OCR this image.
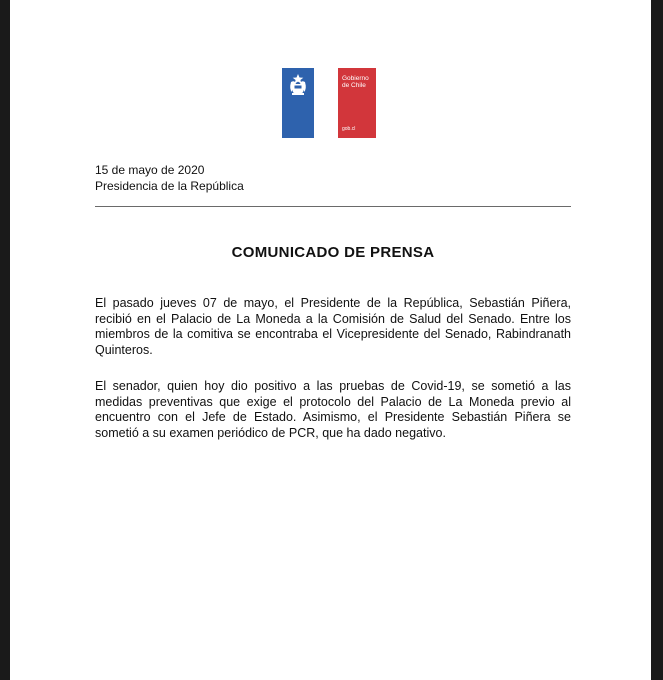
Gobierno
de Chile
gob.cl
15 de mayo de 2020
Presidencia de la República
COMUNICADO DE PRENSA

El pasado jueves 07 de mayo, el Presidente de la República, Sebastián Piñera, recibió en el Palacio de La Moneda a la Comisión de Salud del Senado. Entre los miembros de la comitiva se encontraba el Vicepresidente del Senado, Rabindranath Quinteros.

El senador, quien hoy dio positivo a las pruebas de Covid-19, se sometió a las medidas preventivas que exige el protocolo del Palacio de La Moneda previo al encuentro con el Jefe de Estado. Asimismo, el Presidente Sebastián Piñera se sometió a su examen periódico de PCR, que ha dado negativo.
